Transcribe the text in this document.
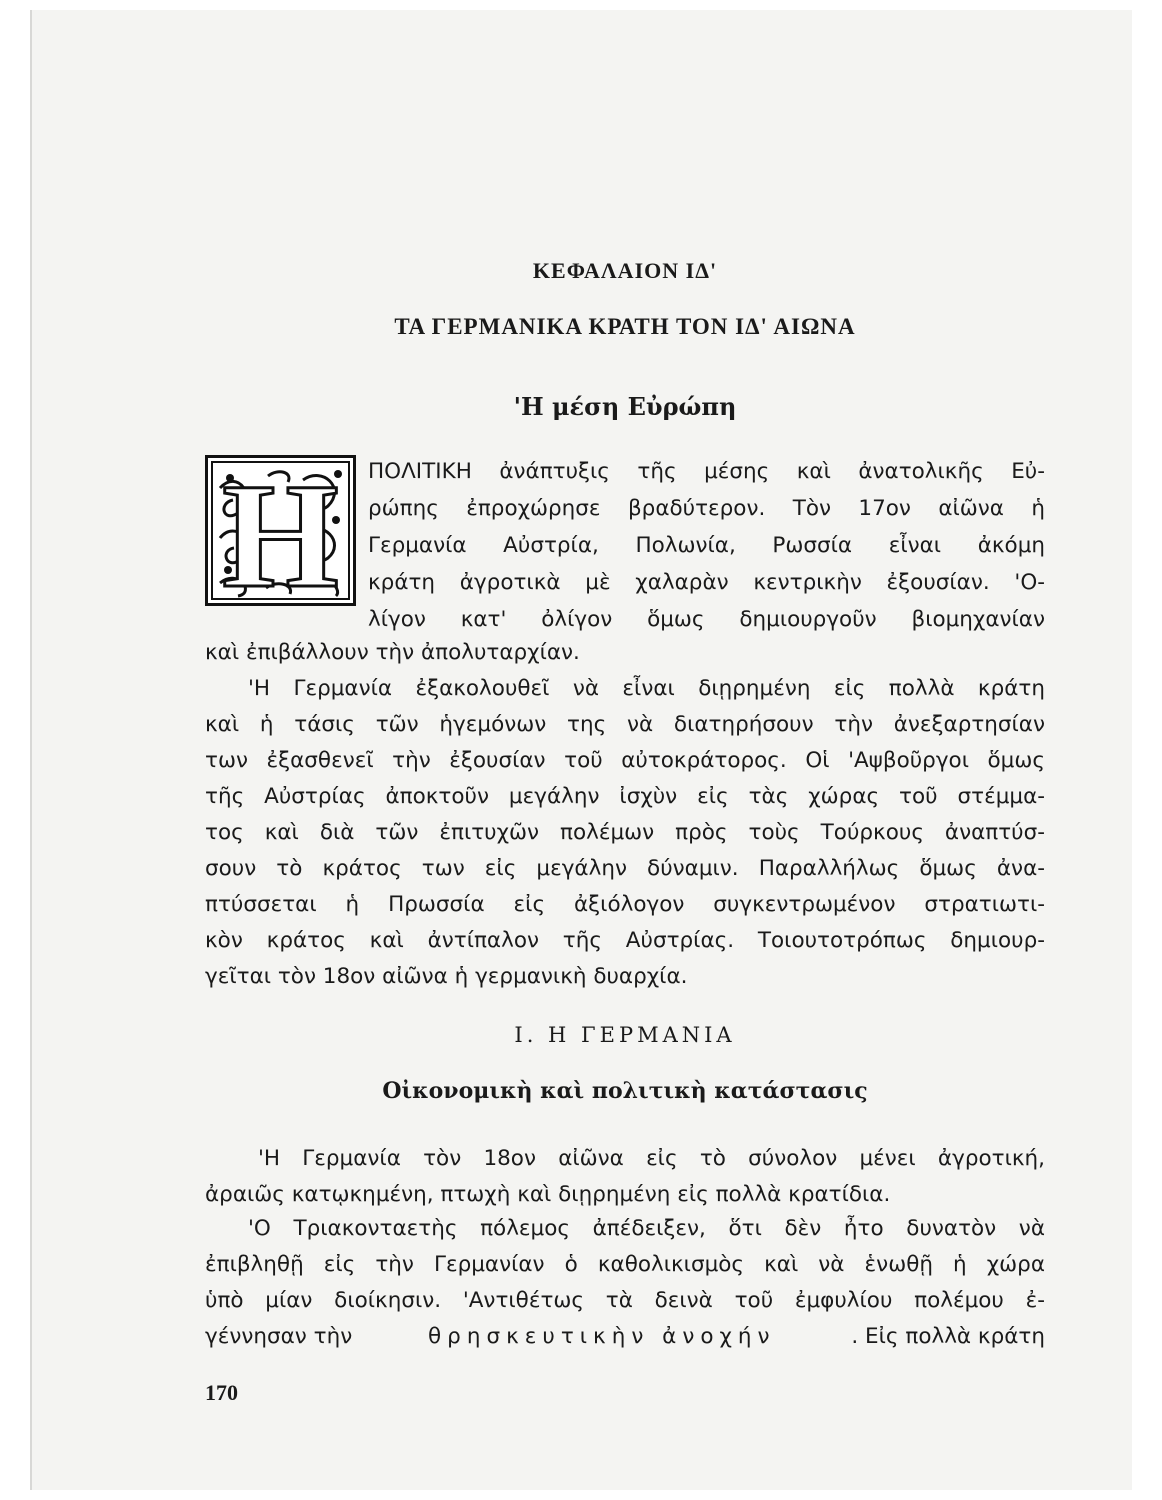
ΚΕΦΑΛΑΙΟΝ ΙΔ'
ΤΑ ΓΕΡΜΑΝΙΚΑ ΚΡΑΤΗ ΤΟΝ ΙΔ' ΑΙΩΝΑ
'Η μέση Εὐρώπη
Η ΠΟΛΙΤΙΚΗ ἀνάπτυξις τῆς μέσης καὶ ἀνατολικῆς Εὐ-
ρώπης ἐπροχώρησε βραδύτερον. Τὸν 17ον αἰῶνα ἡ
Γερμανία Αὐστρία, Πολωνία, Ρωσσία εἶναι ἀκόμη
κράτη ἀγροτικὰ μὲ χαλαρὰν κεντρικὴν ἐξουσίαν. 'Ο-
λίγον κατ' ὀλίγον ὅμως δημιουργοῦν βιομηχανίαν
καὶ ἐπιβάλλουν τὴν ἀπολυταρχίαν.
'Η Γερμανία ἐξακολουθεῖ νὰ εἶναι διῃρημένη εἰς πολλὰ κράτη
καὶ ἡ τάσις τῶν ἡγεμόνων της νὰ διατηρήσουν τὴν ἀνεξαρτησίαν
των ἐξασθενεῖ τὴν ἐξουσίαν τοῦ αὐτοκράτορος. Οἱ 'Αψβοῦργοι ὅμως
τῆς Αὐστρίας ἀποκτοῦν μεγάλην ἰσχὺν εἰς τὰς χώρας τοῦ στέμμα-
τος καὶ διὰ τῶν ἐπιτυχῶν πολέμων πρὸς τοὺς Τούρκους ἀναπτύσ-
σουν τὸ κράτος των εἰς μεγάλην δύναμιν. Παραλλήλως ὅμως ἀνα-
πτύσσεται ἡ Πρωσσία εἰς ἀξιόλογον συγκεντρωμένον στρατιωτι-
κὸν κράτος καὶ ἀντίπαλον τῆς Αὐστρίας. Τοιουτοτρόπως δημιουρ-
γεῖται τὸν 18ον αἰῶνα ἡ γερμανικὴ δυαρχία.
Ι. Η ΓΕΡΜΑΝΙΑ
Οἰκονομικὴ καὶ πολιτικὴ κατάστασις
'Η Γερμανία τὸν 18ον αἰῶνα εἰς τὸ σύνολον μένει ἀγροτική,
ἀραιῶς κατῳκημένη, πτωχὴ καὶ διῃρημένη εἰς πολλὰ κρατίδια.
'Ο Τριακονταετὴς πόλεμος ἀπέδειξεν, ὅτι δὲν ἦτο δυνατὸν νὰ
ἐπιβληθῇ εἰς τὴν Γερμανίαν ὁ καθολικισμὸς καὶ νὰ ἑνωθῇ ἡ χώρα
ὑπὸ μίαν διοίκησιν. 'Αντιθέτως τὰ δεινὰ τοῦ ἐμφυλίου πολέμου ἐ-
γέννησαν τὴν	θρησκευτικὴν ἀνοχήν	. Εἰς πολλὰ κράτη
170
